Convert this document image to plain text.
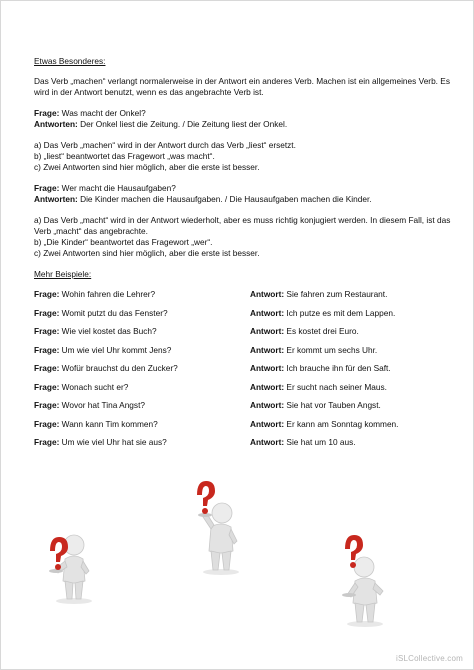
Etwas Besonderes:

Das Verb „machen“ verlangt normalerweise in der Antwort ein anderes Verb. Machen ist ein allgemeines Verb. Es wird in der Antwort benutzt, wenn es das angebrachte Verb ist.

Frage: Was macht der Onkel?
Antworten: Der Onkel liest die Zeitung. / Die Zeitung liest der Onkel.

a) Das Verb „machen“ wird in der Antwort durch das Verb „liest“ ersetzt.
b) „liest“ beantwortet das Fragewort „was macht“.
c) Zwei Antworten sind hier möglich, aber die erste ist besser.

Frage: Wer macht die Hausaufgaben?
Antworten: Die Kinder machen die Hausaufgaben. / Die Hausaufgaben machen die Kinder.

a) Das Verb „macht“ wird in der Antwort wiederholt, aber es muss richtig konjugiert werden. In diesem Fall, ist das Verb „macht“ das angebrachte.
b) „Die Kinder“ beantwortet das Fragewort „wer“.
c) Zwei Antworten sind hier möglich, aber die erste ist besser.

Mehr Beispiele:
Frage: Wohin fahren die Lehrer?	Antwort: Sie fahren zum Restaurant.
Frage: Womit putzt du das Fenster?	Antwort: Ich putze es mit dem Lappen.
Frage: Wie viel kostet das Buch?	Antwort: Es kostet drei Euro.
Frage: Um wie viel Uhr kommt Jens?	Antwort: Er kommt um sechs Uhr.
Frage: Wofür brauchst du den Zucker?	Antwort: Ich brauche ihn für den Saft.
Frage: Wonach sucht er?	Antwort: Er sucht nach seiner Maus.
Frage: Wovor hat Tina Angst?	Antwort: Sie hat vor Tauben Angst.
Frage: Wann kann Tim kommen?	Antwort: Er kann am Sonntag kommen.
Frage: Um wie viel Uhr hat sie aus?	Antwort: Sie hat um 10 aus.
iSLCollective.com
